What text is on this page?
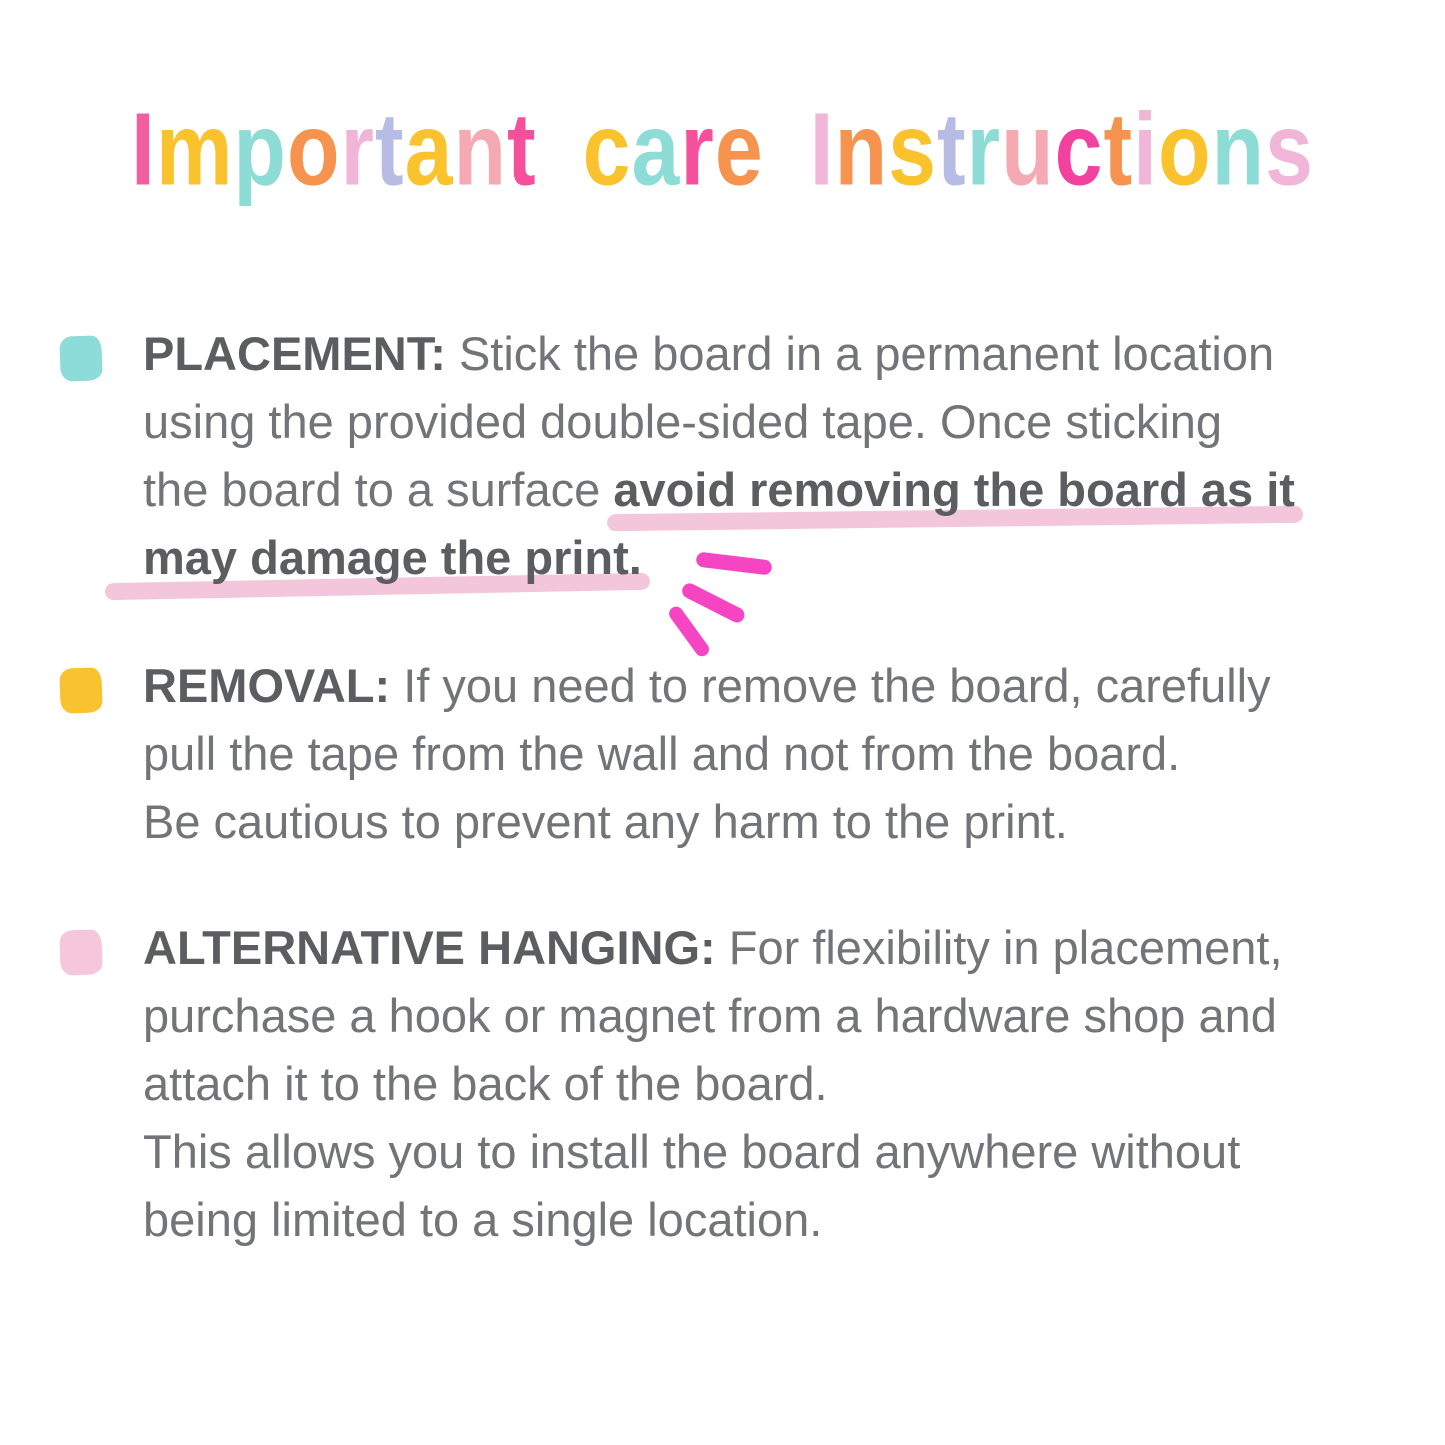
Important care Instructions
PLACEMENT: Stick the board in a permanent location
using the provided double-sided tape. Once sticking
the board to a surface avoid removing the board as it
may damage the print.
REMOVAL: If you need to remove the board, carefully
pull the tape from the wall and not from the board.
Be cautious to prevent any harm to the print.
ALTERNATIVE HANGING: For flexibility in placement,
purchase a hook or magnet from a hardware shop and
attach it to the back of the board.
This allows you to install the board anywhere without
being limited to a single location.
